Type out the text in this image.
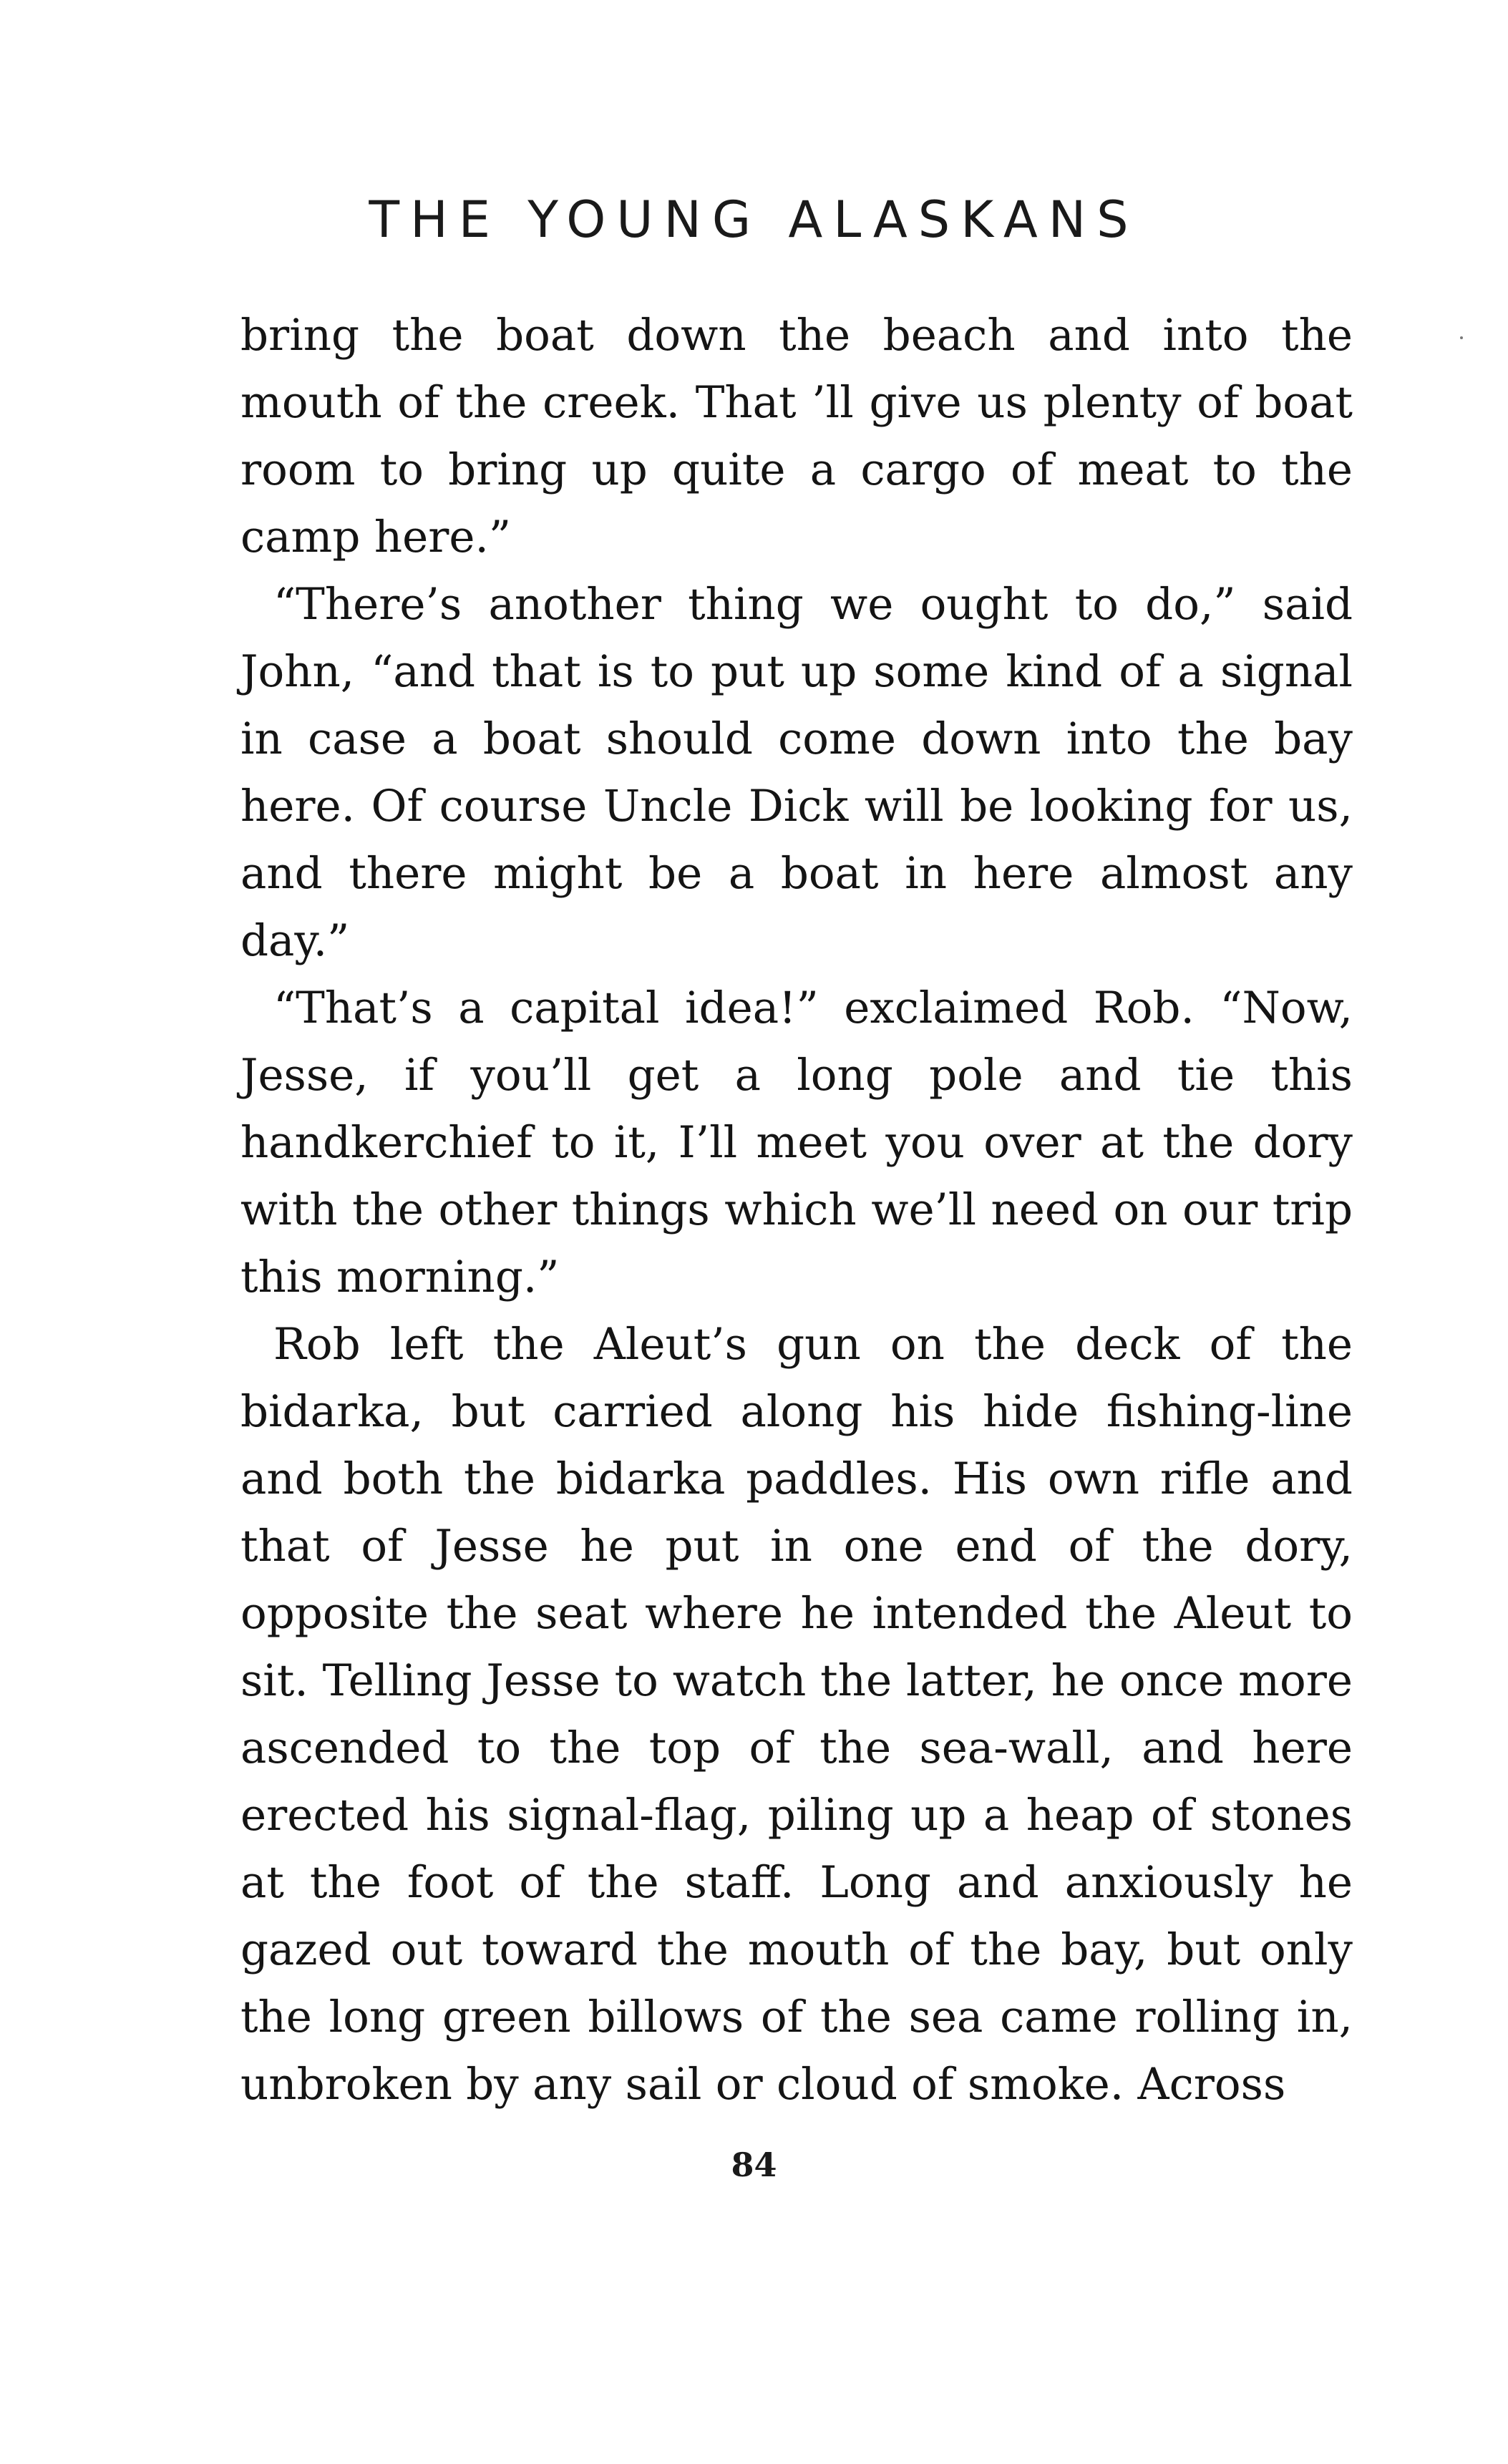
THE YOUNG ALASKANS

bring the boat down the beach and into the mouth of the creek. That ’ll give us plenty of boat room to bring up quite a cargo of meat to the camp here.”

“There’s another thing we ought to do,” said John, “and that is to put up some kind of a signal in case a boat should come down into the bay here. Of course Uncle Dick will be looking for us, and there might be a boat in here almost any day.”

“That’s a capital idea!” exclaimed Rob. “Now, Jesse, if you’ll get a long pole and tie this handkerchief to it, I’ll meet you over at the dory with the other things which we’ll need on our trip this morning.”

Rob left the Aleut’s gun on the deck of the bidarka, but carried along his hide fishing-line and both the bidarka paddles. His own rifle and that of Jesse he put in one end of the dory, opposite the seat where he intended the Aleut to sit. Telling Jesse to watch the latter, he once more ascended to the top of the sea-wall, and here erected his signal-flag, piling up a heap of stones at the foot of the staff. Long and anxiously he gazed out toward the mouth of the bay, but only the long green billows of the sea came rolling in, unbroken by any sail or cloud of smoke. Across

84
